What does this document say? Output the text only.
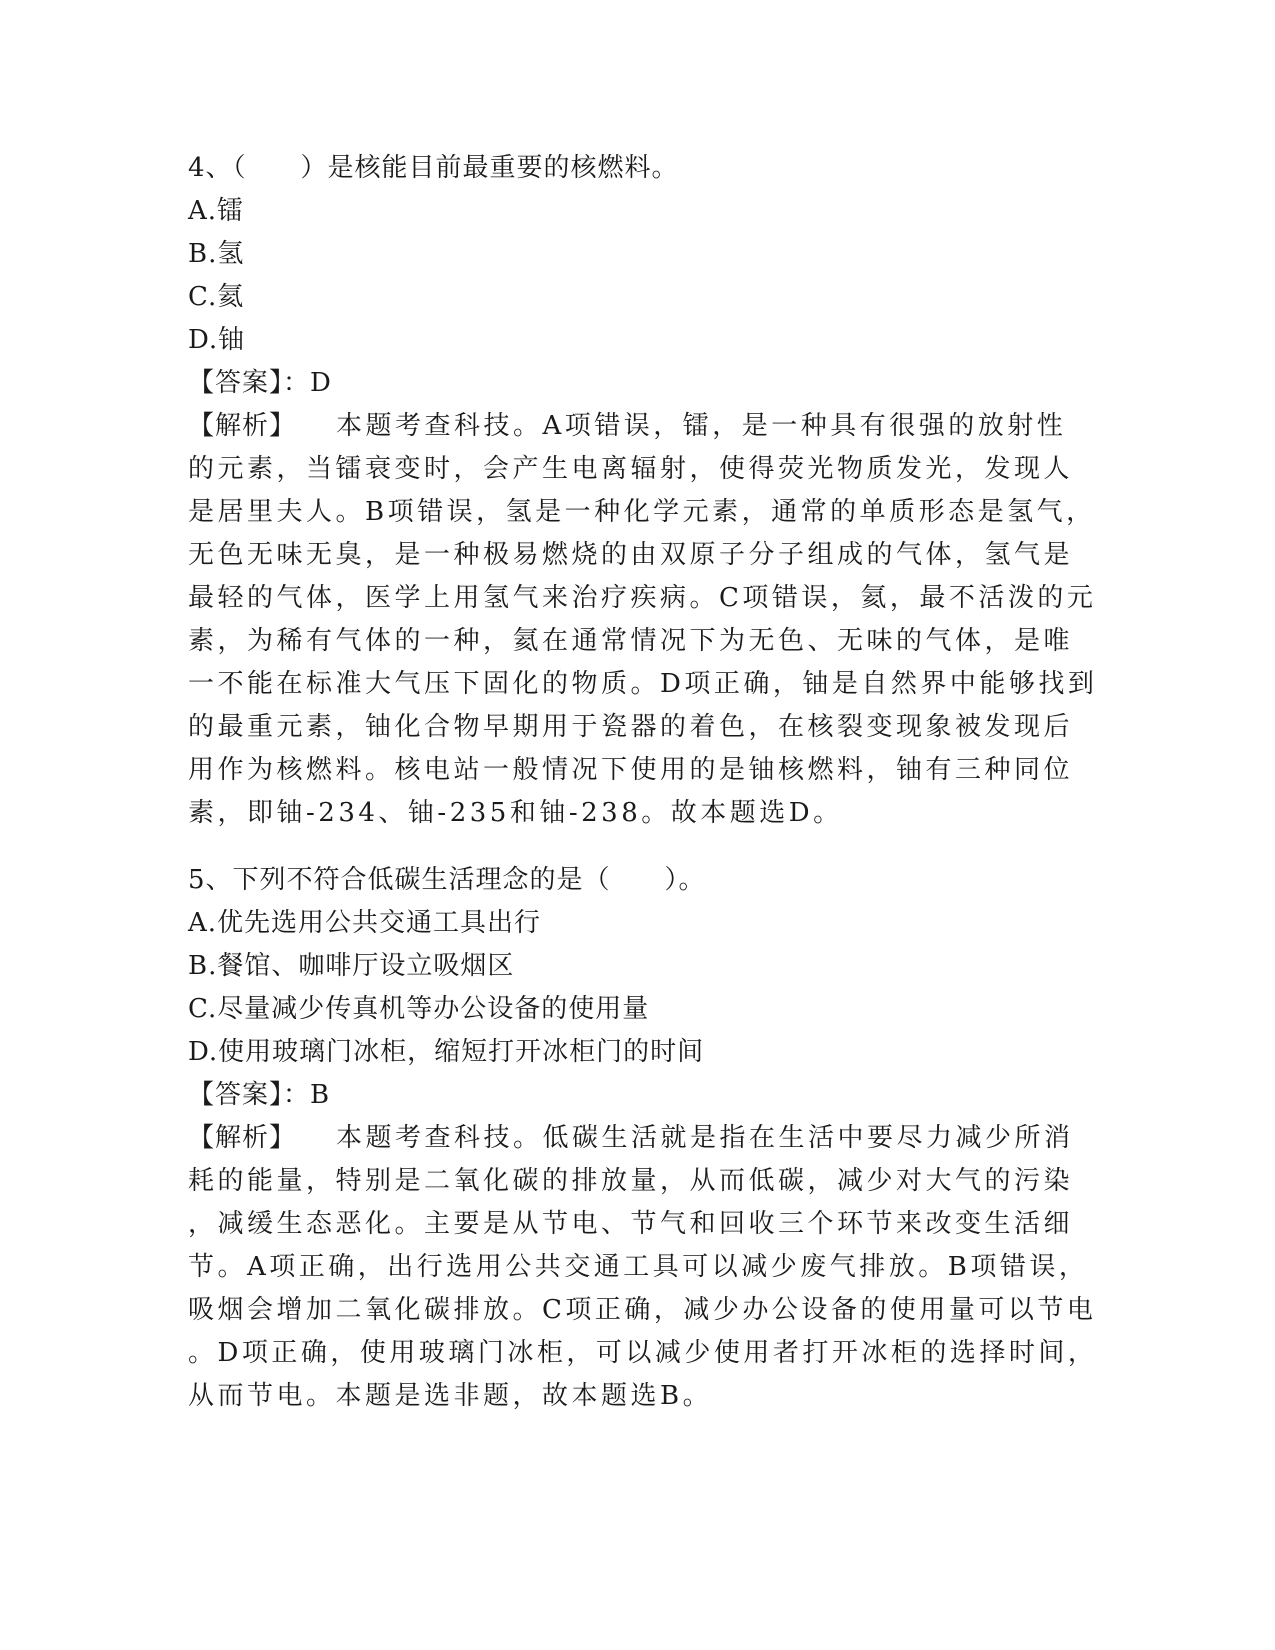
4、（　　）是核能目前最重要的核燃料。
A.镭
B.氢
C.氦
D.铀
【答案】：D
【解析】 本题考查科技。A项错误，镭，是一种具有很强的放射性
的元素，当镭衰变时，会产生电离辐射，使得荧光物质发光，发现人
是居里夫人。B项错误，氢是一种化学元素，通常的单质形态是氢气，
无色无味无臭，是一种极易燃烧的由双原子分子组成的气体，氢气是
最轻的气体，医学上用氢气来治疗疾病。C项错误，氦，最不活泼的元
素，为稀有气体的一种，氦在通常情况下为无色、无味的气体，是唯
一不能在标准大气压下固化的物质。D项正确，铀是自然界中能够找到
的最重元素，铀化合物早期用于瓷器的着色，在核裂变现象被发现后
用作为核燃料。核电站一般情况下使用的是铀核燃料，铀有三种同位
素，即铀-234、铀-235和铀-238。故本题选D。
5、下列不符合低碳生活理念的是（　　）。
A.优先选用公共交通工具出行
B.餐馆、咖啡厅设立吸烟区
C.尽量减少传真机等办公设备的使用量
D.使用玻璃门冰柜，缩短打开冰柜门的时间
【答案】：B
【解析】 本题考查科技。低碳生活就是指在生活中要尽力减少所消
耗的能量，特别是二氧化碳的排放量，从而低碳，减少对大气的污染
，减缓生态恶化。主要是从节电、节气和回收三个环节来改变生活细
节。A项正确，出行选用公共交通工具可以减少废气排放。B项错误，
吸烟会增加二氧化碳排放。C项正确，减少办公设备的使用量可以节电
。D项正确，使用玻璃门冰柜，可以减少使用者打开冰柜的选择时间，
从而节电。本题是选非题，故本题选B。
